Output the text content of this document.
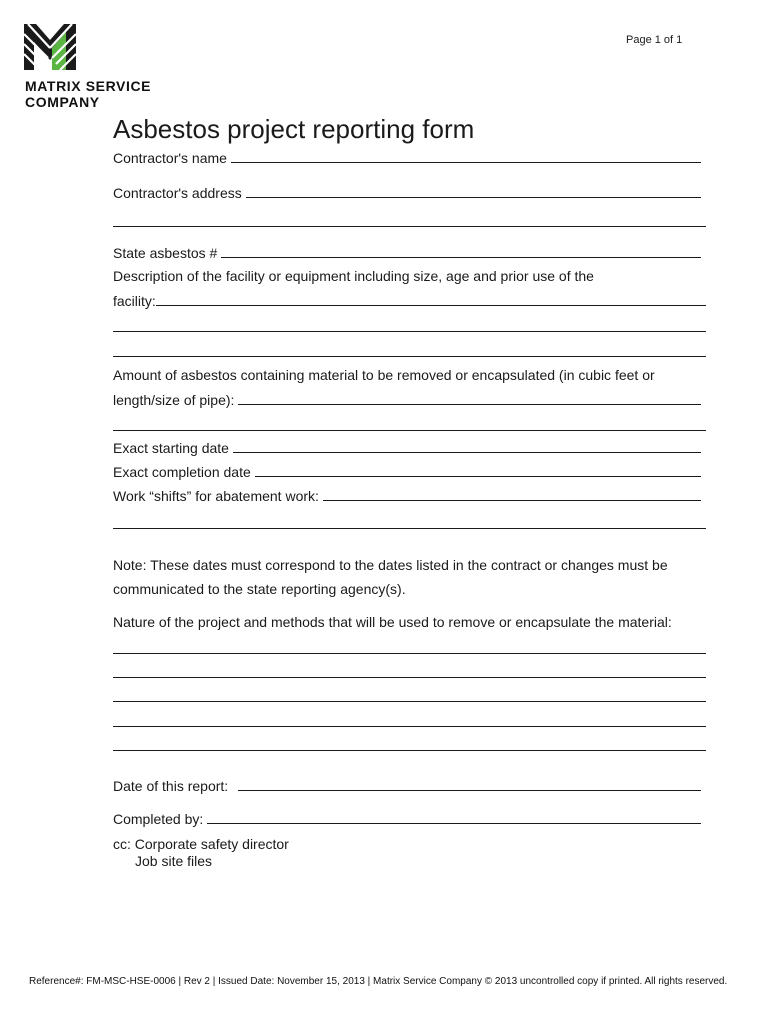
MATRIX SERVICE
COMPANY
Page 1 of 1
Asbestos project reporting form
Contractor's name
Contractor's address
State asbestos #
Description of the facility or equipment including size, age and prior use of the
facility:
Amount of asbestos containing material to be removed or encapsulated (in cubic feet or
length/size of pipe):
Exact starting date
Exact completion date
Work “shifts” for abatement work:
Note: These dates must correspond to the dates listed in the contract or changes must be
communicated to the state reporting agency(s).
Nature of the project and methods that will be used to remove or encapsulate the material:
Date of this report:
Completed by:
cc: Corporate safety director
Job site files
Reference#: FM-MSC-HSE-0006 | Rev 2 | Issued Date: November 15, 2013 | Matrix Service Company © 2013 uncontrolled copy if printed. All rights reserved.
